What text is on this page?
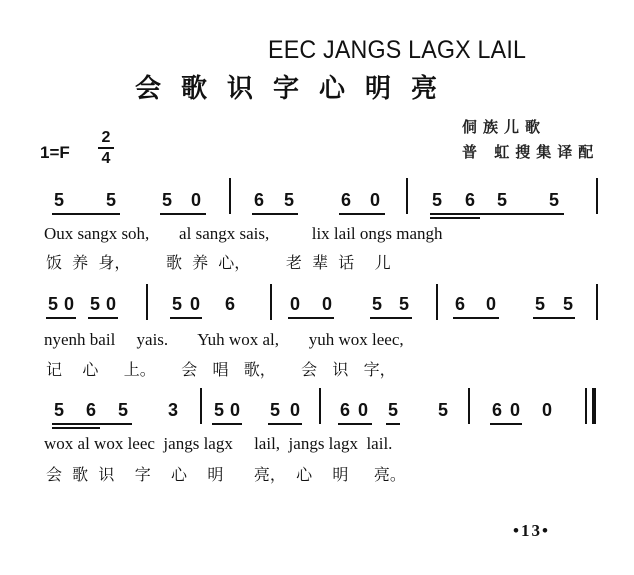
EEC JANGS LAGX LAIL
会歌识字心明亮
侗族儿歌
普 虹搜集译配
1=F
2
4
5 5	5 0	6 5	6 0	5 6 5 5
Oux sangx soh,       al sangx sais,          lix lail ongs mangh
饭  养  身，       歌  养  心，       老  辈  话    儿
5 0 5 0	5 0 6	0 0 5 5	6 0 5 5
nyenh bail     yais.       Yuh wox al,       yuh wox leec,
记    心     上。     会   唱   歌，     会   识   字，
5 6 5 3 5 0 5 0 6 0 5 5 6 0 0
wox al wox leec  jangs lagx     lail,  jangs lagx  lail.
会  歌  识    字    心    明      亮，  心    明     亮。
•13•
